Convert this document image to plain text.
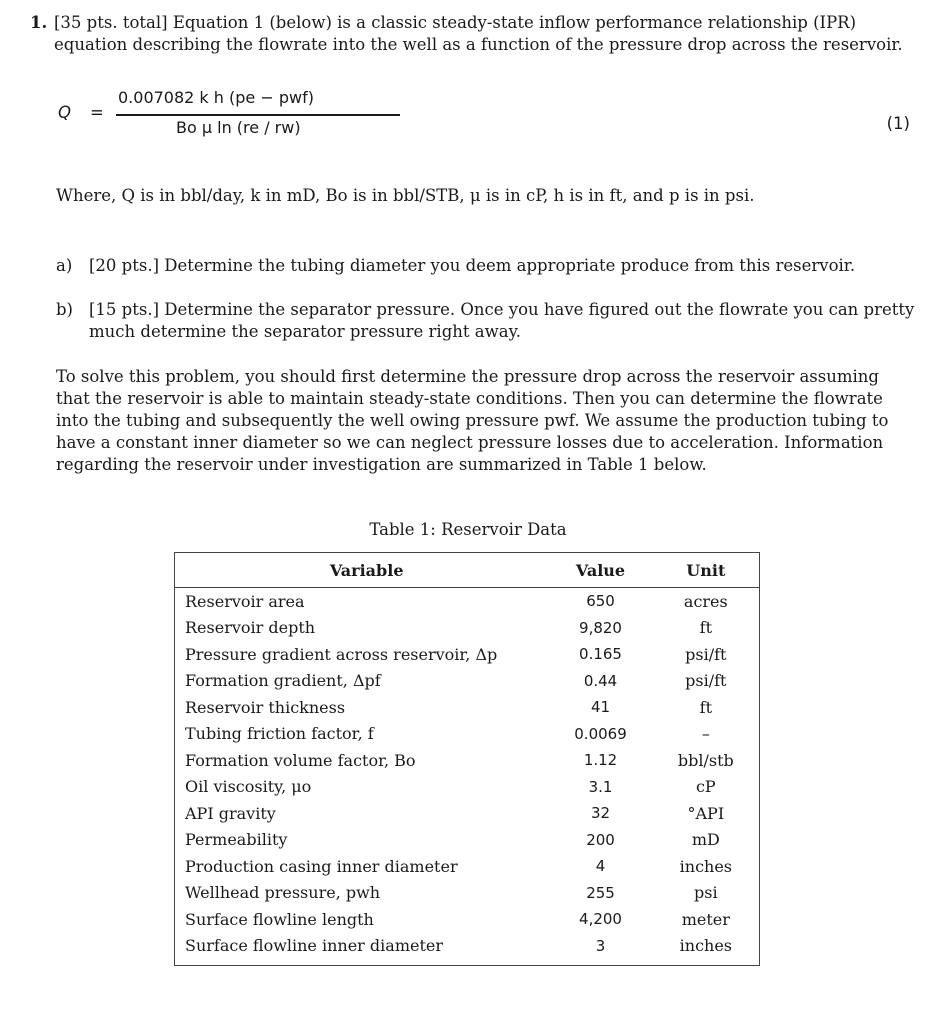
1. [35 pts. total] Equation 1 (below) is a classic steady-state inflow performance relationship (IPR)
equation describing the flowrate into the well as a function of the pressure drop across the reservoir.
Q =
0.007082 k h (pe − pwf)
Bo μ ln (re / rw)	(1)
Where, Q is in bbl/day, k in mD, Bo is in bbl/STB, μ is in cP, h is in ft, and p is in psi.
a) [20 pts.] Determine the tubing diameter you deem appropriate produce from this reservoir.
b) [15 pts.] Determine the separator pressure. Once you have figured out the flowrate you can pretty
much determine the separator pressure right away.
To solve this problem, you should first determine the pressure drop across the reservoir assuming
that the reservoir is able to maintain steady-state conditions. Then you can determine the flowrate
into the tubing and subsequently the well owing pressure pwf. We assume the production tubing to
have a constant inner diameter so we can neglect pressure losses due to acceleration. Information
regarding the reservoir under investigation are summarized in Table 1 below.
Table 1: Reservoir Data
Variable	Value	Unit
Reservoir area	650	acres
Reservoir depth	9,820	ft
Pressure gradient across reservoir, Δp	0.165	psi/ft
Formation gradient, Δpf	0.44	psi/ft
Reservoir thickness	41	ft
Tubing friction factor, f	0.0069	–
Formation volume factor, Bo	1.12	bbl/stb
Oil viscosity, μo	3.1	cP
API gravity	32	°API
Permeability	200	mD
Production casing inner diameter	4	inches
Wellhead pressure, pwh	255	psi
Surface flowline length	4,200	meter
Surface flowline inner diameter	3	inches
